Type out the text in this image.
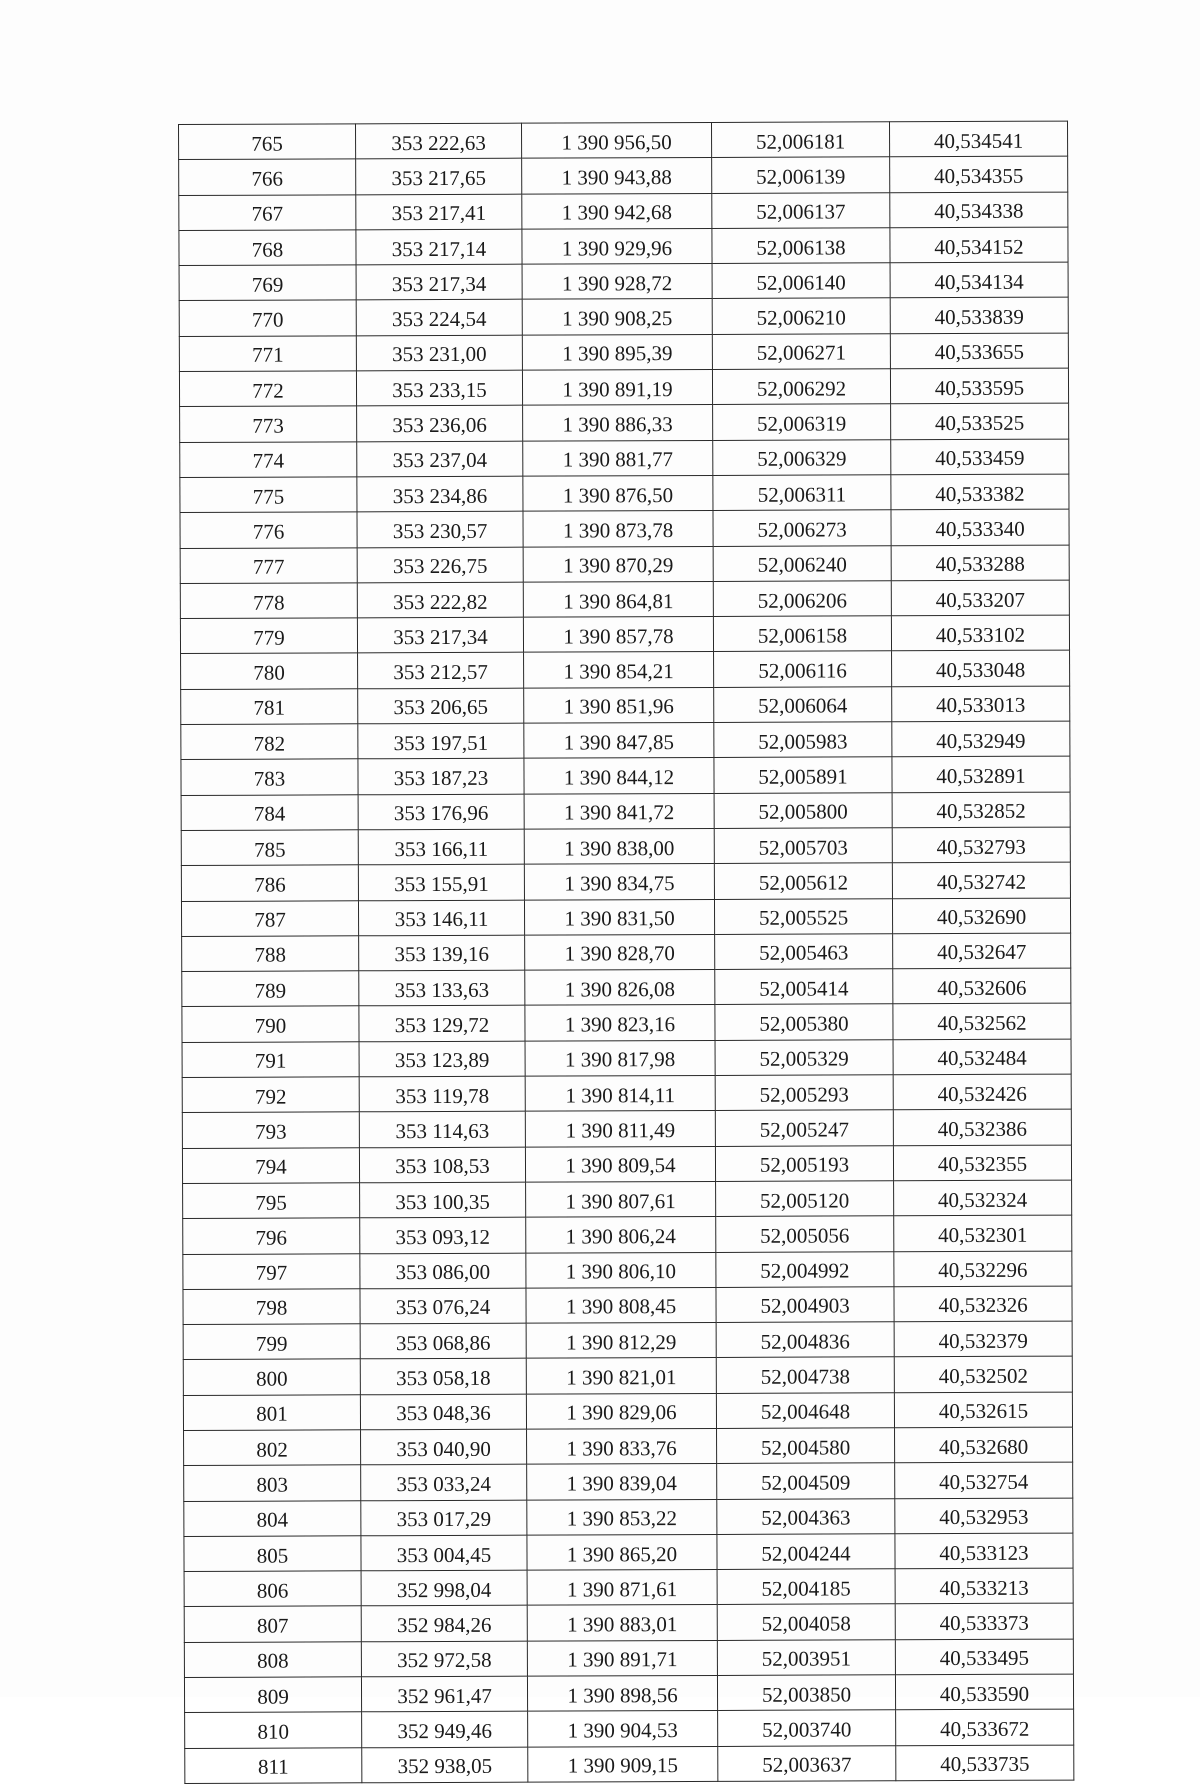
765	353 222,63	1 390 956,50	52,006181	40,534541
766	353 217,65	1 390 943,88	52,006139	40,534355
767	353 217,41	1 390 942,68	52,006137	40,534338
768	353 217,14	1 390 929,96	52,006138	40,534152
769	353 217,34	1 390 928,72	52,006140	40,534134
770	353 224,54	1 390 908,25	52,006210	40,533839
771	353 231,00	1 390 895,39	52,006271	40,533655
772	353 233,15	1 390 891,19	52,006292	40,533595
773	353 236,06	1 390 886,33	52,006319	40,533525
774	353 237,04	1 390 881,77	52,006329	40,533459
775	353 234,86	1 390 876,50	52,006311	40,533382
776	353 230,57	1 390 873,78	52,006273	40,533340
777	353 226,75	1 390 870,29	52,006240	40,533288
778	353 222,82	1 390 864,81	52,006206	40,533207
779	353 217,34	1 390 857,78	52,006158	40,533102
780	353 212,57	1 390 854,21	52,006116	40,533048
781	353 206,65	1 390 851,96	52,006064	40,533013
782	353 197,51	1 390 847,85	52,005983	40,532949
783	353 187,23	1 390 844,12	52,005891	40,532891
784	353 176,96	1 390 841,72	52,005800	40,532852
785	353 166,11	1 390 838,00	52,005703	40,532793
786	353 155,91	1 390 834,75	52,005612	40,532742
787	353 146,11	1 390 831,50	52,005525	40,532690
788	353 139,16	1 390 828,70	52,005463	40,532647
789	353 133,63	1 390 826,08	52,005414	40,532606
790	353 129,72	1 390 823,16	52,005380	40,532562
791	353 123,89	1 390 817,98	52,005329	40,532484
792	353 119,78	1 390 814,11	52,005293	40,532426
793	353 114,63	1 390 811,49	52,005247	40,532386
794	353 108,53	1 390 809,54	52,005193	40,532355
795	353 100,35	1 390 807,61	52,005120	40,532324
796	353 093,12	1 390 806,24	52,005056	40,532301
797	353 086,00	1 390 806,10	52,004992	40,532296
798	353 076,24	1 390 808,45	52,004903	40,532326
799	353 068,86	1 390 812,29	52,004836	40,532379
800	353 058,18	1 390 821,01	52,004738	40,532502
801	353 048,36	1 390 829,06	52,004648	40,532615
802	353 040,90	1 390 833,76	52,004580	40,532680
803	353 033,24	1 390 839,04	52,004509	40,532754
804	353 017,29	1 390 853,22	52,004363	40,532953
805	353 004,45	1 390 865,20	52,004244	40,533123
806	352 998,04	1 390 871,61	52,004185	40,533213
807	352 984,26	1 390 883,01	52,004058	40,533373
808	352 972,58	1 390 891,71	52,003951	40,533495
809	352 961,47	1 390 898,56	52,003850	40,533590
810	352 949,46	1 390 904,53	52,003740	40,533672
811	352 938,05	1 390 909,15	52,003637	40,533735
